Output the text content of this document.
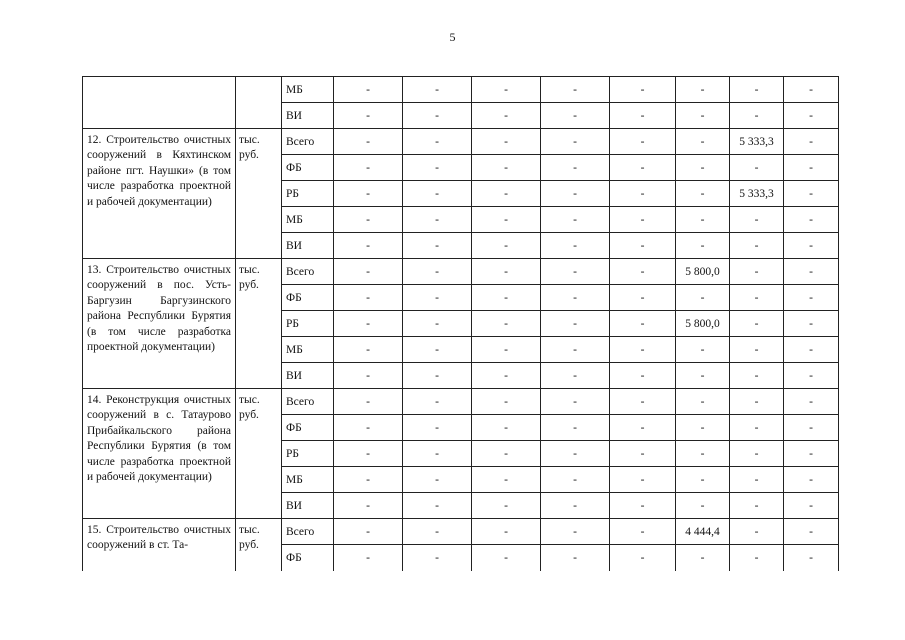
5
		МБ	-	-	-	-	-	-	-	-
		ВИ	-	-	-	-	-	-	-	-
12. Строительство очистных сооружений в Кяхтинском районе пгт. Наушки» (в том числе разработка проектной и рабочей документации)	тыс. руб.	Всего	-	-	-	-	-	-	5 333,3	-
		ФБ	-	-	-	-	-	-	-	-
		РБ	-	-	-	-	-	-	5 333,3	-
		МБ	-	-	-	-	-	-	-	-
		ВИ	-	-	-	-	-	-	-	-
13. Строительство очистных сооружений в пос. Усть-Баргузин Баргузинского района Республики Бурятия (в том числе разработка проектной документации)	тыс. руб.	Всего	-	-	-	-	-	5 800,0	-	-
		ФБ	-	-	-	-	-	-	-	-
		РБ	-	-	-	-	-	5 800,0	-	-
		МБ	-	-	-	-	-	-	-	-
		ВИ	-	-	-	-	-	-	-	-
14. Реконструкция очистных сооружений в с. Татаурово Прибайкальского района Республики Бурятия (в том числе разработка проектной и рабочей документации)	тыс. руб.	Всего	-	-	-	-	-	-	-	-
		ФБ	-	-	-	-	-	-	-	-
		РБ	-	-	-	-	-	-	-	-
		МБ	-	-	-	-	-	-	-	-
		ВИ	-	-	-	-	-	-	-	-
15. Строительство очистных сооружений в ст. Та-	тыс. руб.	Всего	-	-	-	-	-	4 444,4	-	-
		ФБ	-	-	-	-	-	-	-	-
